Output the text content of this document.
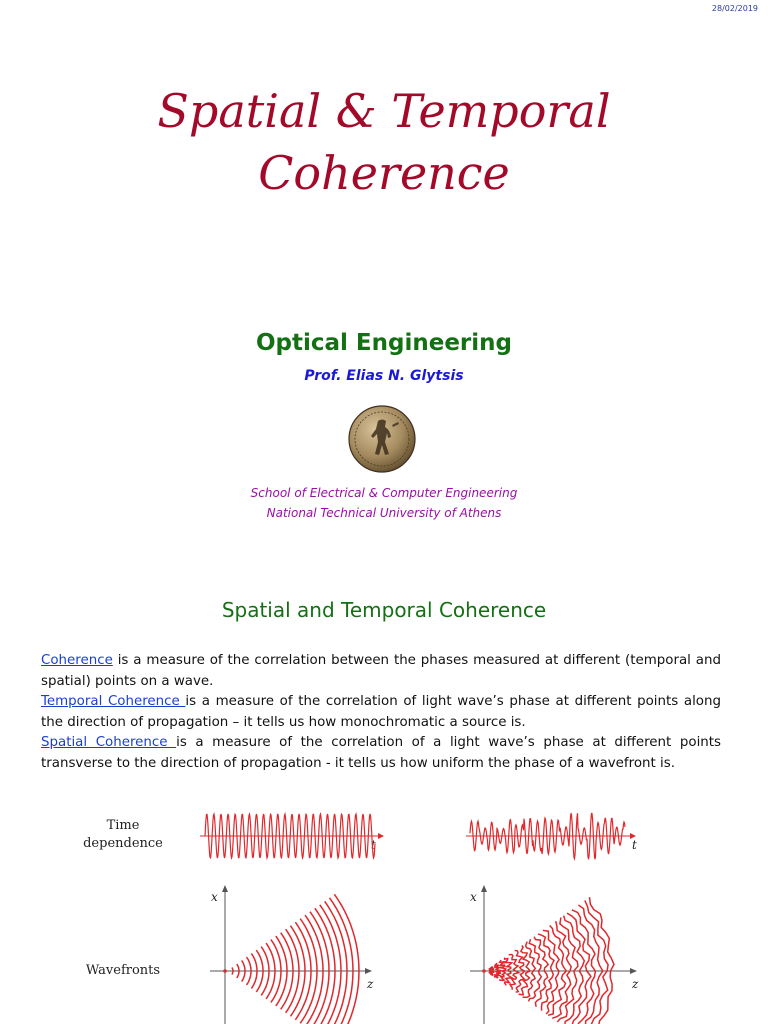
28/02/2019
Spatial & Temporal
Coherence
Optical Engineering
Prof. Elias N. Glytsis
School of Electrical & Computer Engineering
National Technical University of Athens
Spatial and Temporal Coherence

Coherence is a measure of the correlation between the phases measured at different (temporal and spatial) points on a wave.

Temporal Coherence is a measure of the correlation of light wave’s phase at different points along the direction of propagation – it tells us how monochromatic a source is.

Spatial Coherence is a measure of the correlation of a light wave’s phase at different points transverse to the direction of propagation - it tells us how uniform the phase of a wavefront is.

Time
dependence
Wavefronts
t	t
x
z
x
z
